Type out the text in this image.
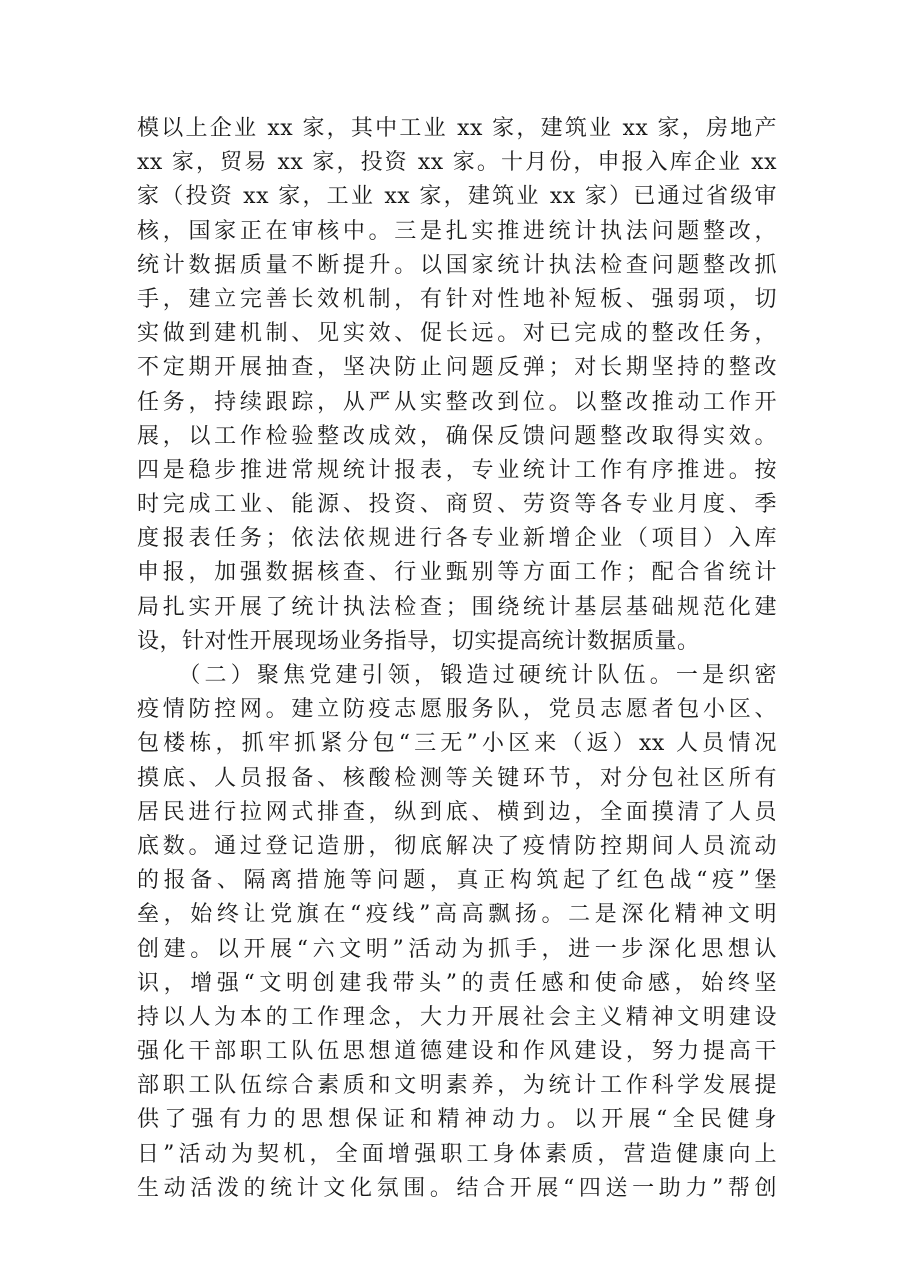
模以上企业 xx 家，其中工业 xx 家，建筑业 xx 家，房地产
xx 家，贸易 xx 家，投资 xx 家。十月份，申报入库企业 xx
家（投资 xx 家，工业 xx 家，建筑业 xx 家）已通过省级审
核，国家正在审核中。三是扎实推进统计执法问题整改，
统计数据质量不断提升。以国家统计执法检查问题整改抓
手，建立完善长效机制，有针对性地补短板、强弱项，切
实做到建机制、见实效、促长远。对已完成的整改任务，
不定期开展抽查，坚决防止问题反弹；对长期坚持的整改
任务，持续跟踪，从严从实整改到位。以整改推动工作开
展，以工作检验整改成效，确保反馈问题整改取得实效。
四是稳步推进常规统计报表，专业统计工作有序推进。按
时完成工业、能源、投资、商贸、劳资等各专业月度、季
度报表任务；依法依规进行各专业新增企业（项目）入库
申报，加强数据核查、行业甄别等方面工作；配合省统计
局扎实开展了统计执法检查；围绕统计基层基础规范化建
设，针对性开展现场业务指导，切实提高统计数据质量。
　　（二）聚焦党建引领，锻造过硬统计队伍。一是织密
疫情防控网。建立防疫志愿服务队，党员志愿者包小区、
包楼栋，抓牢抓紧分包“三无”小区来（返）xx 人员情况
摸底、人员报备、核酸检测等关键环节，对分包社区所有
居民进行拉网式排查，纵到底、横到边，全面摸清了人员
底数。通过登记造册，彻底解决了疫情防控期间人员流动
的报备、隔离措施等问题，真正构筑起了红色战“疫”堡
垒，始终让党旗在“疫线”高高飘扬。二是深化精神文明
创建。以开展“六文明”活动为抓手，进一步深化思想认
识，增强“文明创建我带头”的责任感和使命感，始终坚
持以人为本的工作理念，大力开展社会主义精神文明建设
强化干部职工队伍思想道德建设和作风建设，努力提高干
部职工队伍综合素质和文明素养，为统计工作科学发展提
供了强有力的思想保证和精神动力。以开展“全民健身
日”活动为契机，全面增强职工身体素质，营造健康向上
生动活泼的统计文化氛围。结合开展“四送一助力”帮创
